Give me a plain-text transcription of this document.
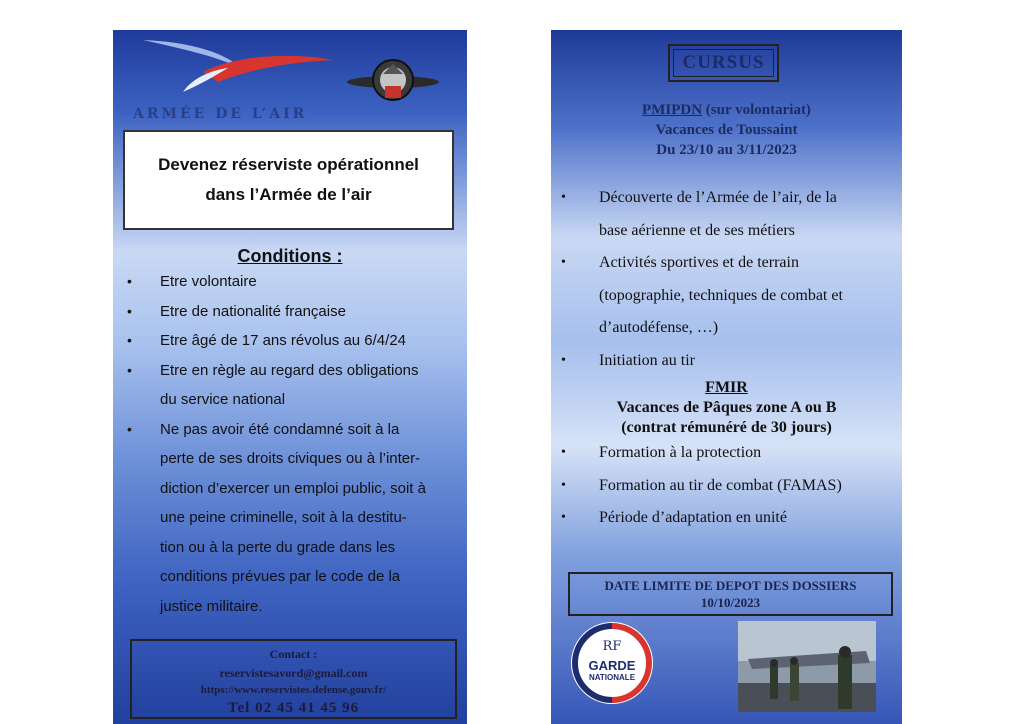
ARMÉE DE L’AIR
Devenez réserviste opérationnel
dans l’Armée de l’air
Conditions :
• Etre volontaire
• Etre de nationalité française
• Etre âgé de 17 ans révolus au 6/4/24
• Etre en règle au regard des obligations
du service national
• Ne pas avoir été condamné soit à la
perte de ses droits civiques ou à l’inter-
diction d’exercer un emploi public, soit à
une peine criminelle, soit à la destitu-
tion ou à la perte du grade dans les
conditions prévues par le code de la
justice militaire.
Contact :
reservistesavord@gmail.com
https://www.reservistes.defense.gouv.fr/
Tel 02 45 41 45 96
CURSUS
PMIPDN (sur volontariat)
Vacances de Toussaint
Du 23/10 au 3/11/2023
• Découverte de l’Armée de l’air, de la
base aérienne et de ses métiers
• Activités sportives et de terrain
(topographie, techniques de combat et
d’autodéfense, …)
• Initiation au tir
FMIR
Vacances de Pâques zone A ou B
(contrat rémunéré de 30 jours)
• Formation à la protection
• Formation au tir de combat (FAMAS)
• Période d’adaptation en unité
DATE LIMITE DE DEPOT DES DOSSIERS
10/10/2023
RF
GARDE
NATIONALE
